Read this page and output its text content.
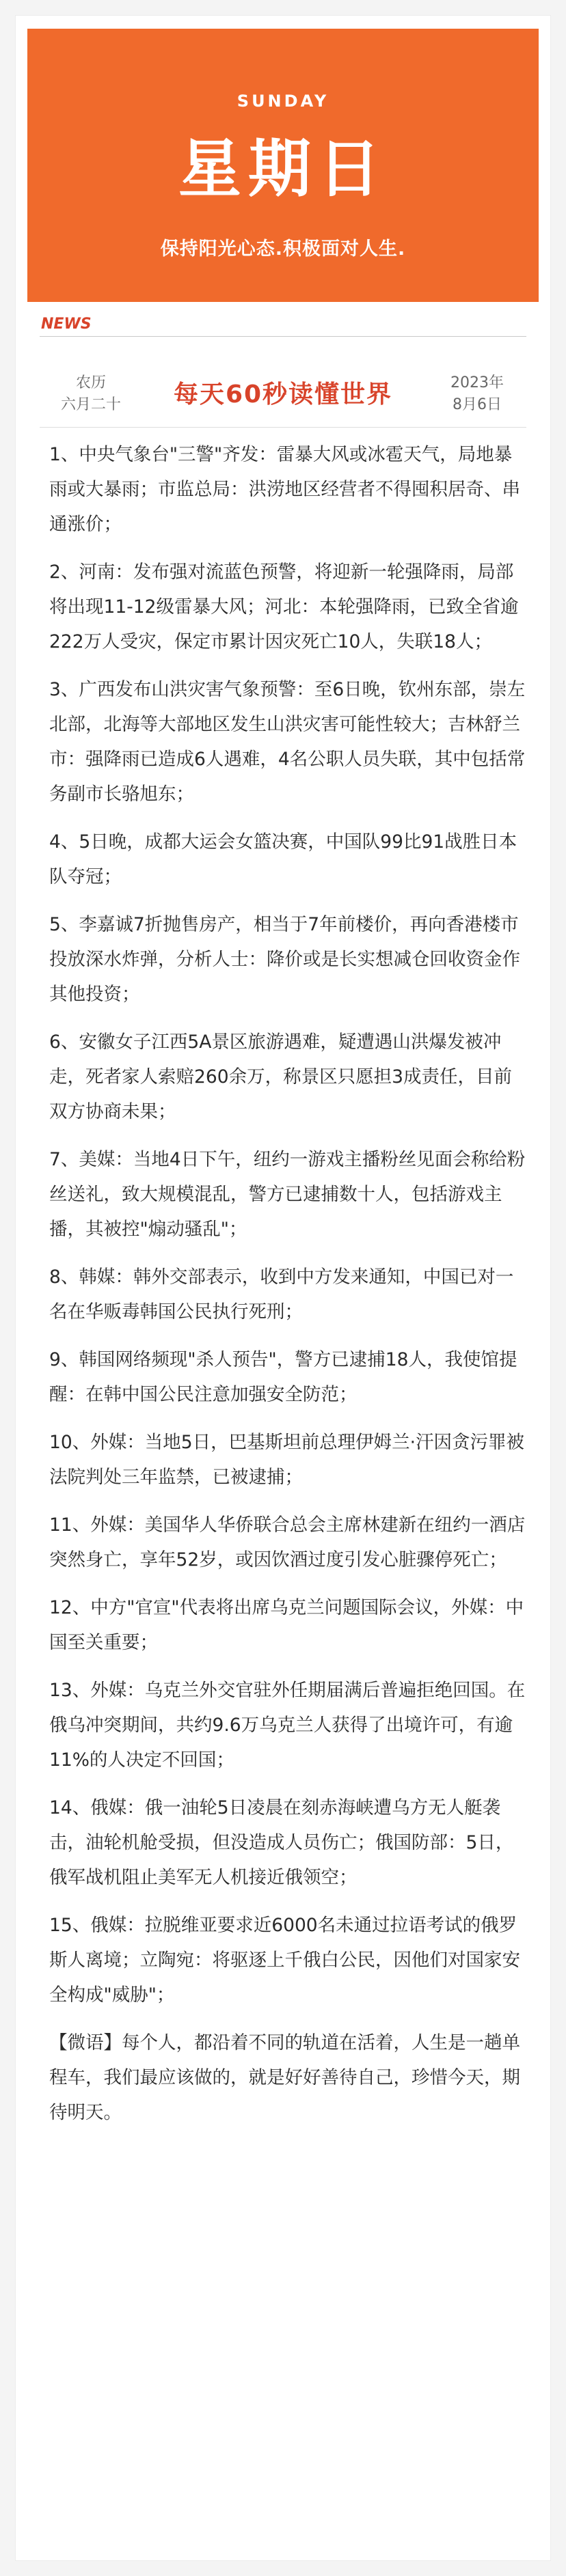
SUNDAY
星期日
保持阳光心态.积极面对人生.
NEWS
农历
六月二十	每天60秒读懂世界	2023年
8月6日

1、中央气象台"三警"齐发：雷暴大风或冰雹天气，局地暴雨或大暴雨；市监总局：洪涝地区经营者不得囤积居奇、串通涨价；

2、河南：发布强对流蓝色预警，将迎新一轮强降雨，局部将出现11-12级雷暴大风；河北：本轮强降雨，已致全省逾222万人受灾，保定市累计因灾死亡10人，失联18人；

3、广西发布山洪灾害气象预警：至6日晚，钦州东部，崇左北部，北海等大部地区发生山洪灾害可能性较大；吉林舒兰市：强降雨已造成6人遇难，4名公职人员失联，其中包括常务副市长骆旭东；

4、5日晚，成都大运会女篮决赛，中国队99比91战胜日本队夺冠；

5、李嘉诚7折抛售房产，相当于7年前楼价，再向香港楼市投放深水炸弹，分析人士：降价或是长实想减仓回收资金作其他投资；

6、安徽女子江西5A景区旅游遇难，疑遭遇山洪爆发被冲走，死者家人索赔260余万，称景区只愿担3成责任，目前双方协商未果；

7、美媒：当地4日下午，纽约一游戏主播粉丝见面会称给粉丝送礼，致大规模混乱，警方已逮捕数十人，包括游戏主播，其被控"煽动骚乱"；

8、韩媒：韩外交部表示，收到中方发来通知，中国已对一名在华贩毒韩国公民执行死刑；

9、韩国网络频现"杀人预告"，警方已逮捕18人，我使馆提醒：在韩中国公民注意加强安全防范；

10、外媒：当地5日，巴基斯坦前总理伊姆兰·汗因贪污罪被法院判处三年监禁，已被逮捕；

11、外媒：美国华人华侨联合总会主席林建新在纽约一酒店突然身亡，享年52岁，或因饮酒过度引发心脏骤停死亡；

12、中方"官宣"代表将出席乌克兰问题国际会议，外媒：中国至关重要；

13、外媒：乌克兰外交官驻外任期届满后普遍拒绝回国。在俄乌冲突期间，共约9.6万乌克兰人获得了出境许可，有逾11%的人决定不回国；

14、俄媒：俄一油轮5日凌晨在刻赤海峡遭乌方无人艇袭击，油轮机舱受损，但没造成人员伤亡；俄国防部：5日，俄军战机阻止美军无人机接近俄领空；

15、俄媒：拉脱维亚要求近6000名未通过拉语考试的俄罗斯人离境；立陶宛：将驱逐上千俄白公民，因他们对国家安全构成"威胁"；

【微语】每个人，都沿着不同的轨道在活着，人生是一趟单程车，我们最应该做的，就是好好善待自己，珍惜今天，期待明天。
